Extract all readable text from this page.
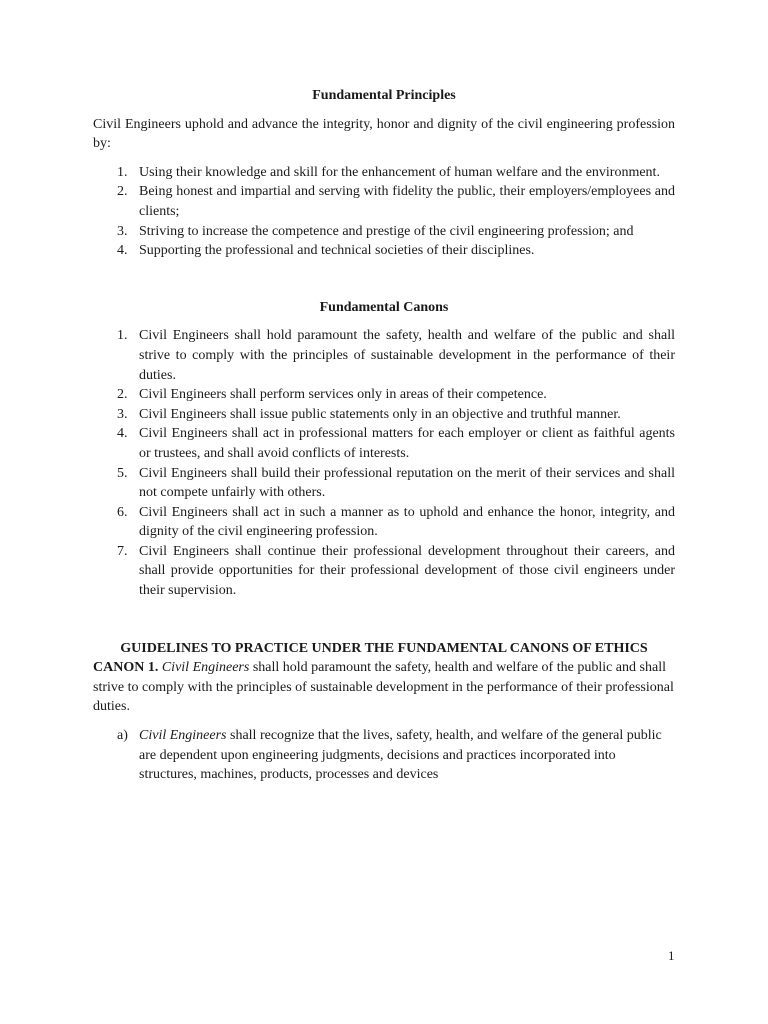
Fundamental Principles

Civil Engineers uphold and advance the integrity, honor and dignity of the civil engineering profession by:

1. Using their knowledge and skill for the enhancement of human welfare and the environment.
2. Being honest and impartial and serving with fidelity the public, their employers/employees and clients;
3. Striving to increase the competence and prestige of the civil engineering profession; and
4. Supporting the professional and technical societies of their disciplines.

Fundamental Canons

1. Civil Engineers shall hold paramount the safety, health and welfare of the public and shall strive to comply with the principles of sustainable development in the performance of their duties.
2. Civil Engineers shall perform services only in areas of their competence.
3. Civil Engineers shall issue public statements only in an objective and truthful manner.
4. Civil Engineers shall act in professional matters for each employer or client as faithful agents or trustees, and shall avoid conflicts of interests.
5. Civil Engineers shall build their professional reputation on the merit of their services and shall not compete unfairly with others.
6. Civil Engineers shall act in such a manner as to uphold and enhance the honor, integrity, and dignity of the civil engineering profession.
7. Civil Engineers shall continue their professional development throughout their careers, and shall provide opportunities for their professional development of those civil engineers under their supervision.

GUIDELINES TO PRACTICE UNDER THE FUNDAMENTAL CANONS OF ETHICS

CANON 1. Civil Engineers shall hold paramount the safety, health and welfare of the public and shall strive to comply with the principles of sustainable development in the performance of their professional duties.

a) Civil Engineers shall recognize that the lives, safety, health, and welfare of the general public are dependent upon engineering judgments, decisions and practices incorporated into structures, machines, products, processes and devices
1
